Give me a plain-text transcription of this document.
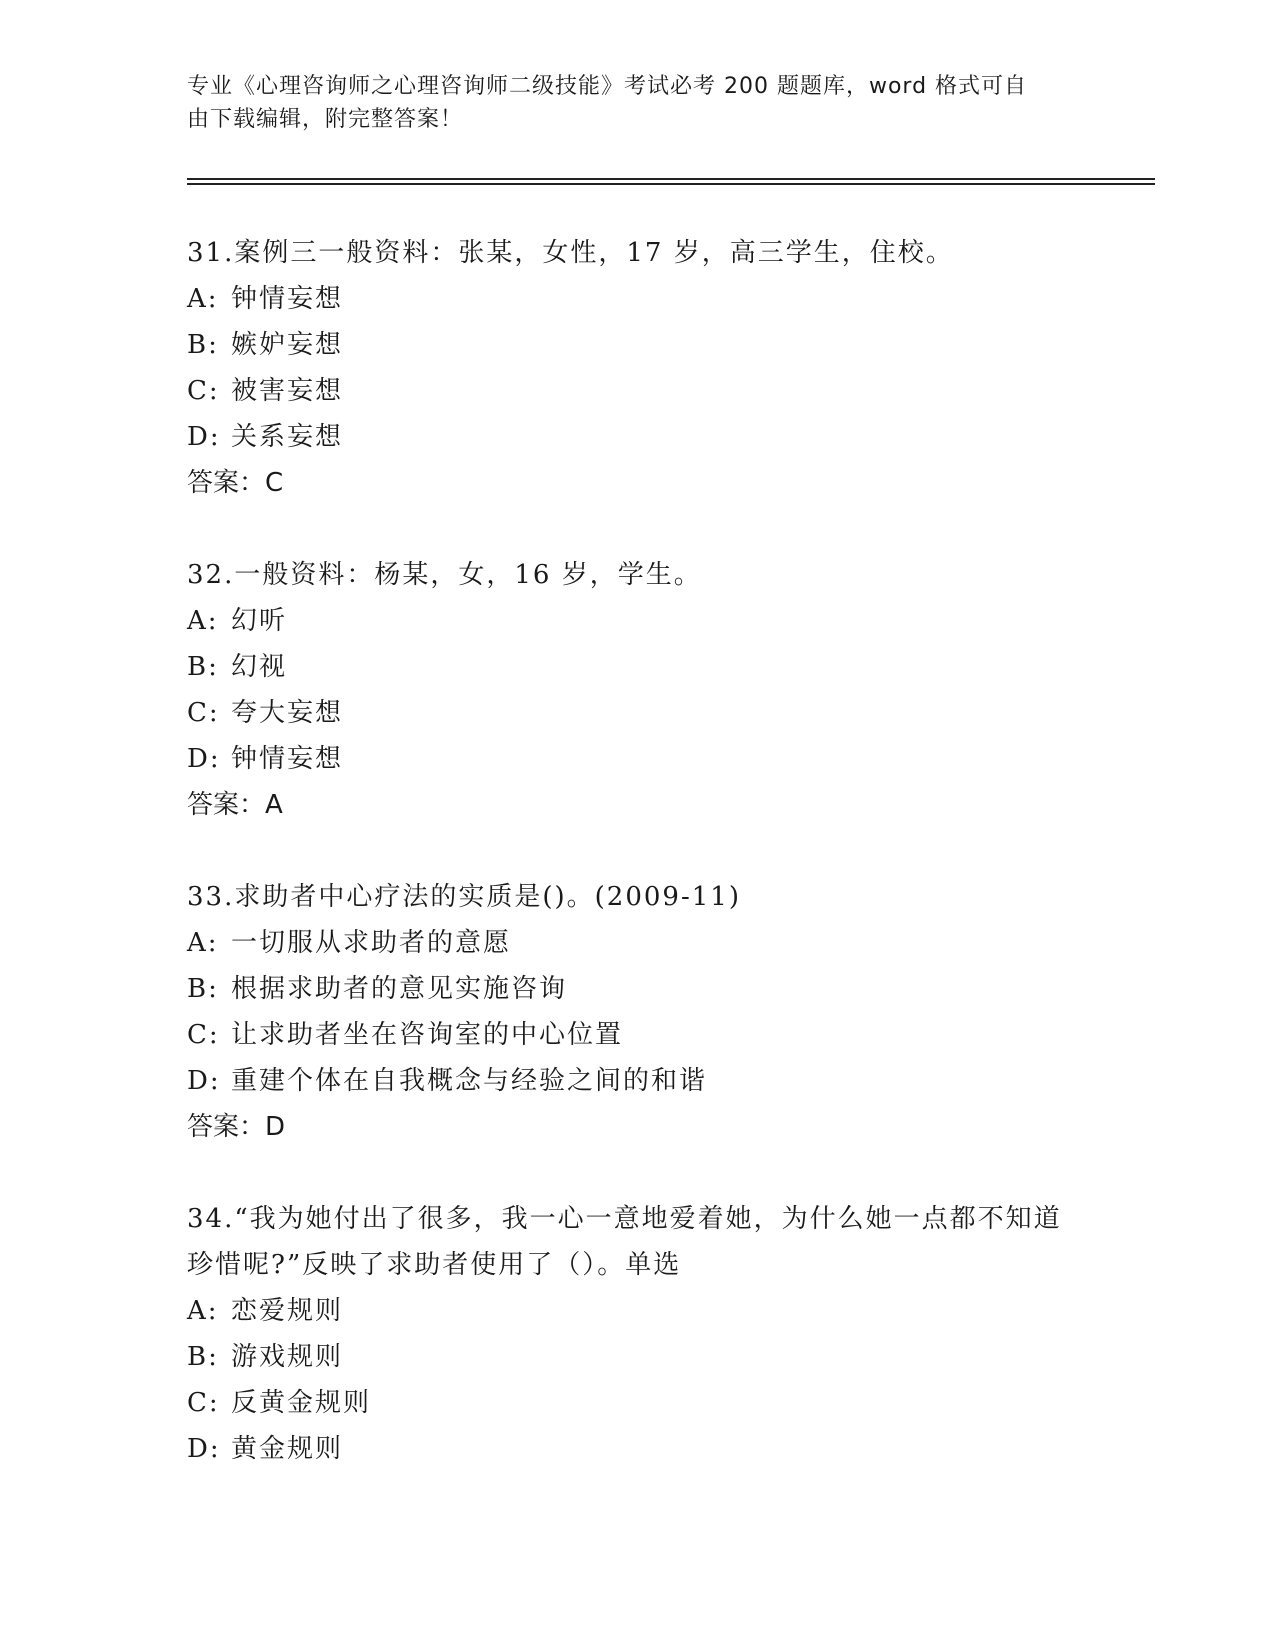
专业《心理咨询师之心理咨询师二级技能》考试必考 200 题题库，word 格式可自
由下载编辑，附完整答案！

31.案例三一般资料：张某，女性，17 岁，高三学生，住校。

A: 钟情妄想

B: 嫉妒妄想

C: 被害妄想

D: 关系妄想

答案：C

32.一般资料：杨某，女，16 岁，学生。

A: 幻听

B: 幻视

C: 夸大妄想

D: 钟情妄想

答案：A

33.求助者中心疗法的实质是()。(2009-11)

A: 一切服从求助者的意愿

B: 根据求助者的意见实施咨询

C: 让求助者坐在咨询室的中心位置

D: 重建个体在自我概念与经验之间的和谐

答案：D

34.“我为她付出了很多，我一心一意地爱着她，为什么她一点都不知道珍惜呢?”反映了求助者使用了（）。单选

A: 恋爱规则

B: 游戏规则

C: 反黄金规则

D: 黄金规则
